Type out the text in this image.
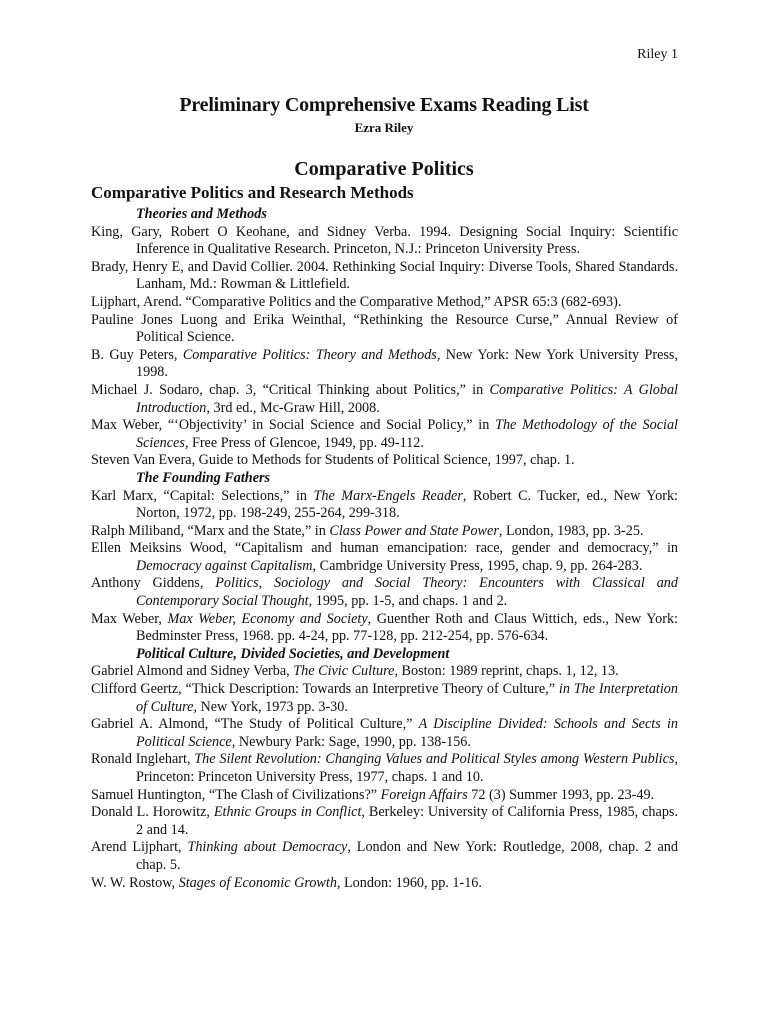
Riley 1
Preliminary Comprehensive Exams Reading List
Ezra Riley
Comparative Politics
Comparative Politics and Research Methods
Theories and Methods
King, Gary, Robert O Keohane, and Sidney Verba. 1994. Designing Social Inquiry: Scientific Inference in Qualitative Research. Princeton, N.J.: Princeton University Press.
Brady, Henry E, and David Collier. 2004. Rethinking Social Inquiry: Diverse Tools, Shared Standards. Lanham, Md.: Rowman & Littlefield.
Lijphart, Arend. “Comparative Politics and the Comparative Method,” APSR 65:3 (682-693).
Pauline Jones Luong and Erika Weinthal, “Rethinking the Resource Curse,” Annual Review of Political Science.
B. Guy Peters, Comparative Politics: Theory and Methods, New York: New York University Press, 1998.
Michael J. Sodaro, chap. 3, “Critical Thinking about Politics,” in Comparative Politics: A Global Introduction, 3rd ed., Mc-Graw Hill, 2008.
Max Weber, “‘Objectivity’ in Social Science and Social Policy,” in The Methodology of the Social Sciences, Free Press of Glencoe, 1949, pp. 49-112.
Steven Van Evera, Guide to Methods for Students of Political Science, 1997, chap. 1.
The Founding Fathers
Karl Marx, “Capital: Selections,” in The Marx-Engels Reader, Robert C. Tucker, ed., New York: Norton, 1972, pp. 198-249, 255-264, 299-318.
Ralph Miliband, “Marx and the State,” in Class Power and State Power, London, 1983, pp. 3-25.
Ellen Meiksins Wood, “Capitalism and human emancipation: race, gender and democracy,” in Democracy against Capitalism, Cambridge University Press, 1995, chap. 9, pp. 264-283.
Anthony Giddens, Politics, Sociology and Social Theory: Encounters with Classical and Contemporary Social Thought, 1995, pp. 1-5, and chaps. 1 and 2.
Max Weber, Max Weber, Economy and Society, Guenther Roth and Claus Wittich, eds., New York: Bedminster Press, 1968. pp. 4-24, pp. 77-128, pp. 212-254, pp. 576-634.
Political Culture, Divided Societies, and Development
Gabriel Almond and Sidney Verba, The Civic Culture, Boston: 1989 reprint, chaps. 1, 12, 13.
Clifford Geertz, “Thick Description: Towards an Interpretive Theory of Culture,” in The Interpretation of Culture, New York, 1973 pp. 3-30.
Gabriel A. Almond, “The Study of Political Culture,” A Discipline Divided: Schools and Sects in Political Science, Newbury Park: Sage, 1990, pp. 138-156.
Ronald Inglehart, The Silent Revolution: Changing Values and Political Styles among Western Publics, Princeton: Princeton University Press, 1977, chaps. 1 and 10.
Samuel Huntington, “The Clash of Civilizations?” Foreign Affairs 72 (3) Summer 1993, pp. 23-49.
Donald L. Horowitz, Ethnic Groups in Conflict, Berkeley: University of California Press, 1985, chaps. 2 and 14.
Arend Lijphart, Thinking about Democracy, London and New York: Routledge, 2008, chap. 2 and chap. 5.
W. W. Rostow, Stages of Economic Growth, London: 1960, pp. 1-16.
